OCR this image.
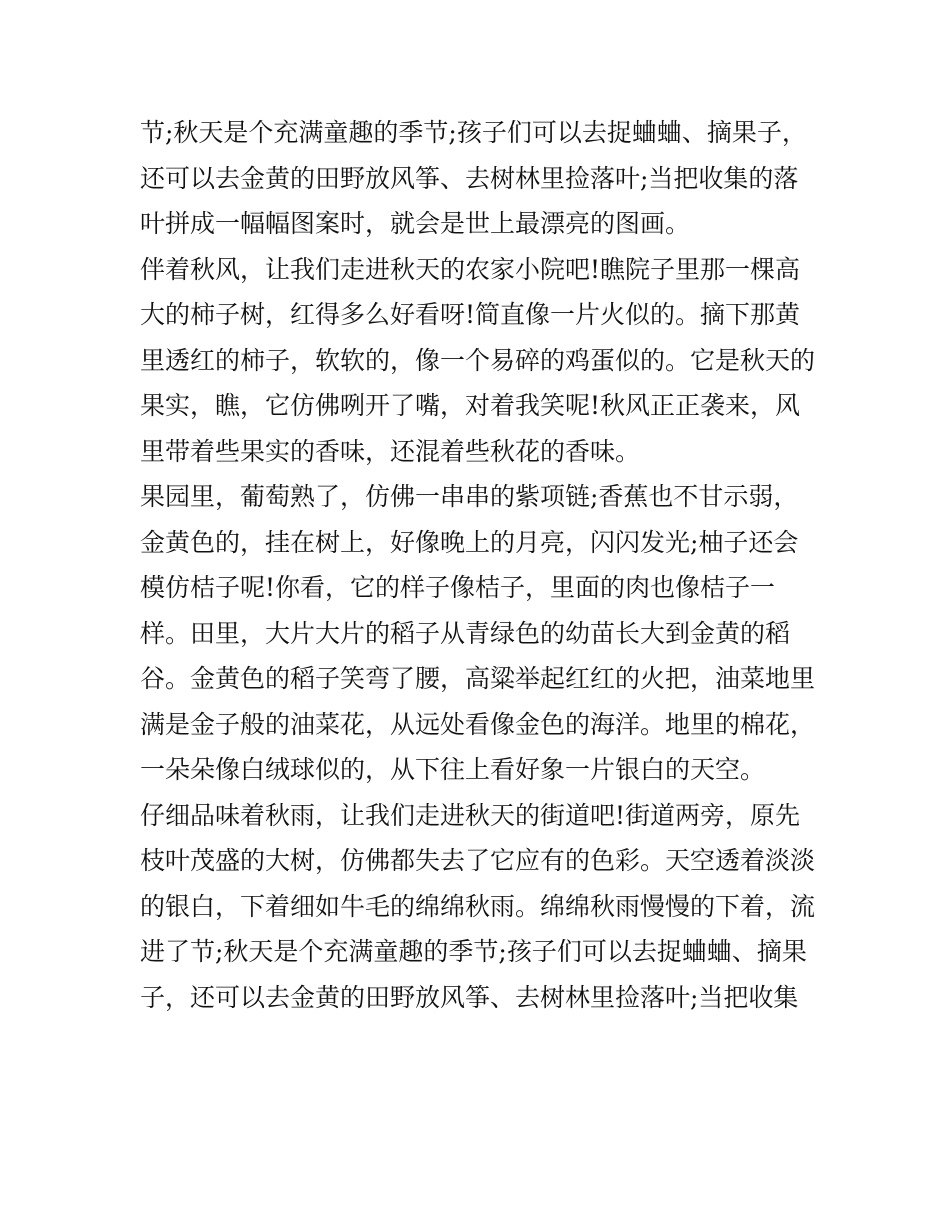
节;秋天是个充满童趣的季节;孩子们可以去捉蛐蛐、摘果子，
还可以去金黄的田野放风筝、去树林里捡落叶;当把收集的落
叶拼成一幅幅图案时，就会是世上最漂亮的图画。
伴着秋风，让我们走进秋天的农家小院吧!瞧院子里那一棵高
大的柿子树，红得多么好看呀!简直像一片火似的。摘下那黄
里透红的柿子，软软的，像一个易碎的鸡蛋似的。它是秋天的
果实，瞧，它仿佛咧开了嘴，对着我笑呢!秋风正正袭来，风
里带着些果实的香味，还混着些秋花的香味。
果园里，葡萄熟了，仿佛一串串的紫项链;香蕉也不甘示弱，
金黄色的，挂在树上，好像晚上的月亮，闪闪发光;柚子还会
模仿桔子呢!你看，它的样子像桔子，里面的肉也像桔子一
样。田里，大片大片的稻子从青绿色的幼苗长大到金黄的稻
谷。金黄色的稻子笑弯了腰，高粱举起红红的火把，油菜地里
满是金子般的油菜花，从远处看像金色的海洋。地里的棉花，
一朵朵像白绒球似的，从下往上看好象一片银白的天空。
仔细品味着秋雨，让我们走进秋天的街道吧!街道两旁，原先
枝叶茂盛的大树，仿佛都失去了它应有的色彩。天空透着淡淡
的银白，下着细如牛毛的绵绵秋雨。绵绵秋雨慢慢的下着，流
进了节;秋天是个充满童趣的季节;孩子们可以去捉蛐蛐、摘果
子，还可以去金黄的田野放风筝、去树林里捡落叶;当把收集
